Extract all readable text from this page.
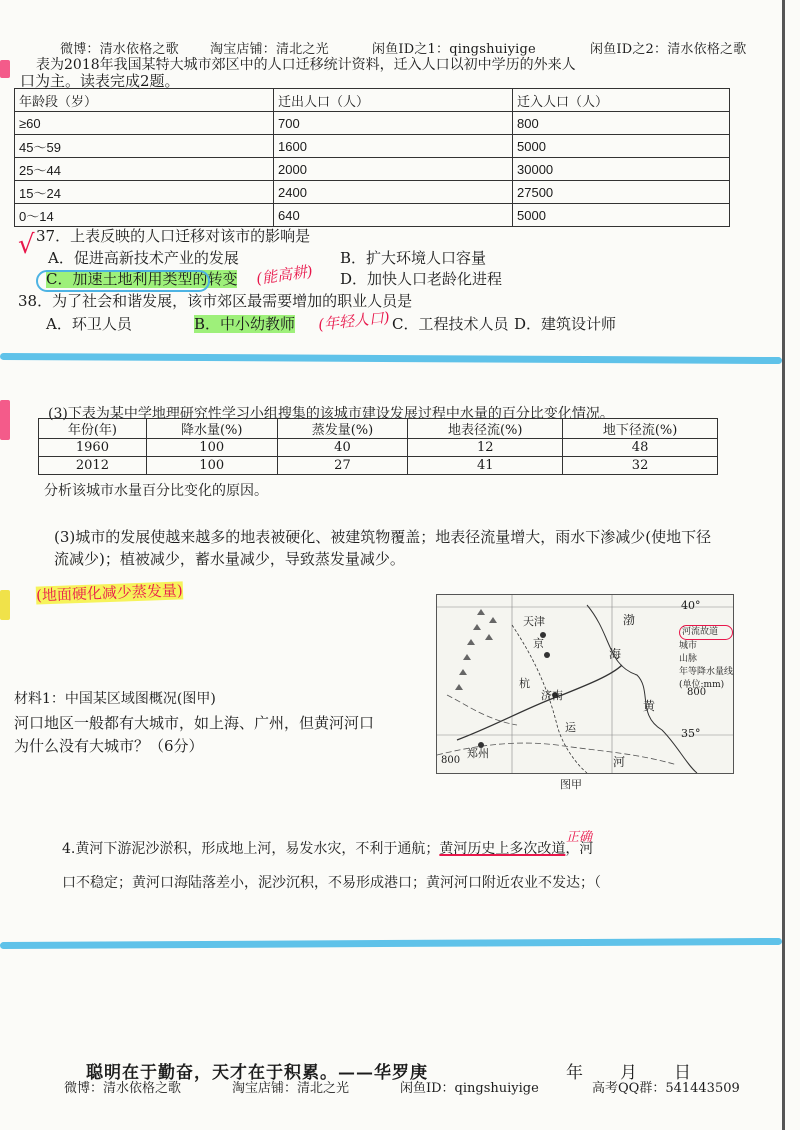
微博：清水依格之歌 淘宝店铺：清北之光	闲鱼ID之1：qingshuiyige	闲鱼ID之2：清水依格之歌
表为2018年我国某特大城市郊区中的人口迁移统计资料，迁入人口以初中学历的外来人
口为主。读表完成2题。
年龄段（岁）	迁出人口（人）	迁入人口（人）
≥60	700	800
45～59	1600	5000
25～44	2000	30000
15～24	2400	27500
0～14	640	5000
37．上表反映的人口迁移对该市的影响是
√ A．促进高新技术产业的发展	B．扩大环境人口容量
C．加速土地利用类型的转变 (能高耕) D．加快人口老龄化进程
38．为了社会和谐发展，该市郊区最需要增加的职业人员是
A．环卫人员	B．中小幼教师 (年轻人口) C．工程技术人员 D．建筑设计师
(3)下表为某中学地理研究性学习小组搜集的该城市建设发展过程中水量的百分比变化情况。
年份(年)	降水量(%)	蒸发量(%)	地表径流(%)	地下径流(%)
1960	100	40	12	48
2012	100	27	41	32
分析该城市水量百分比变化的原因。
(3)城市的发展使越来越多的地表被硬化、被建筑物覆盖；地表径流量增大，雨水下渗减少(使地下径
流减少)；植被减少，蓄水量减少，导致蒸发量减少。
(地面硬化减少蒸发量)
材料1：中国某区域图概况(图甲)
河口地区一般都有大城市，如上海、广州，但黄河河口
为什么没有大城市？（6分）
天津
京
渤
海
杭
济南
运
黄
河
郑州
40°
35°
800
800
河流故道
城市
山脉
年等降水量线
(单位:mm)
图甲
4.黄河下游泥沙淤积，形成地上河，易发水灾，不利于通航；黄河历史上多次改道，河
正确
口不稳定；黄河口海陆落差小，泥沙沉积，不易形成港口；黄河河口附近农业不发达；（
聪明在于勤奋，天才在于积累。——华罗庚	年　　月　　日
微博：清水依格之歌	淘宝店铺：清北之光	闲鱼ID：qingshuiyige	高考QQ群：541443509
